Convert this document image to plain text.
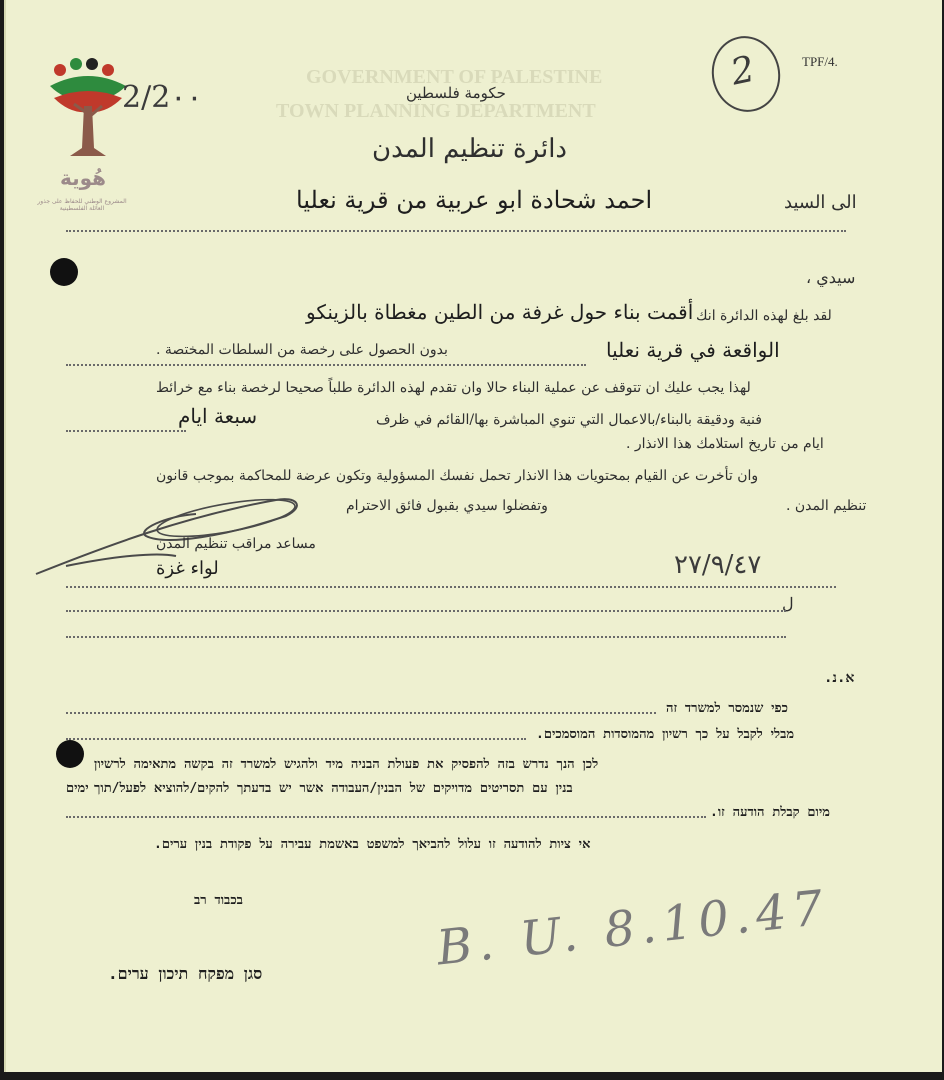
GOVERNMENT OF PALESTINE
TOWN PLANNING DEPARTMENT
هُوية
المشروع الوطني للحفاظ على جذور العائلة الفلسطينية
TPF/4.
2
2/2٠٠	حكومة فلسطين
دائرة تنظيم المدن
الى السيد
احمد شحادة ابو عربية من قرية نعليا
سيدي ،
لقد بلغ لهذه الدائرة انك
أقمت بناء حول غرفة من الطين مغطاة بالزينكو
الواقعة في قرية نعليا
بدون الحصول على رخصة من السلطات المختصة .
لهذا يجب عليك ان تتوقف عن عملية البناء حالا وان تقدم لهذه الدائرة طلباً صحيحا لرخصة بناء مع خرائط
فنية ودقيقة بالبناء/بالاعمال التي تنوي المباشرة بها/القائم في ظرف
سبعة ايام
ايام من تاريخ استلامك هذا الانذار .
وان تأخرت عن القيام بمحتويات هذا الانذار تحمل نفسك المسؤولية وتكون عرضة للمحاكمة بموجب قانون
تنظيم المدن .
وتفضلوا سيدي بقبول فائق الاحترام
مساعد مراقب تنظيم المدن
لواء غزة	٢٧/٩/٤٧
ل
א.נ.
כפי שנמסר למשרד זה
מבלי לקבל על כך רשיון מהמוסדות המוסמכים.
לכן הנך נדרש בזה להפסיק את פעולת הבניה מיד ולהגיש למשרד זה בקשה מתאימה לרשיון
בנין עם תסריטים מדויקים של הבנין/העבודה אשר יש בדעתך להקים/להוציא לפעל/תוך
ימים
מיום קבלת הודעה זו.
אי ציות להודעה זו עלול להביאך למשפט באשמת עבירה על פקודת בנין ערים.
בכבוד רב	B. U. 8.10.47
סגן מפקח תיכון ערים.
